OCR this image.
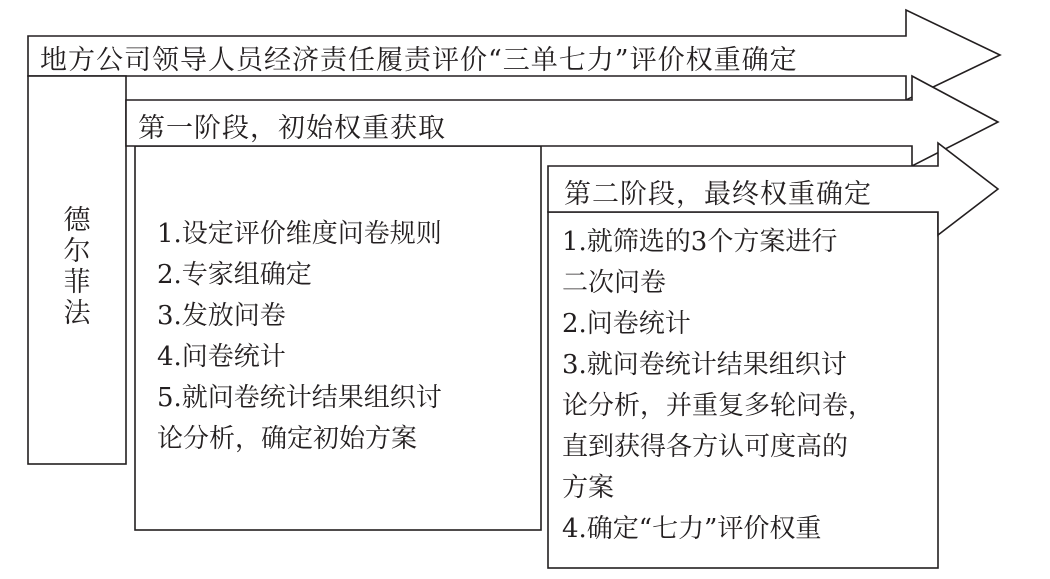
地方公司领导人员经济责任履责评价“三单七力”评价权重确定
德
尔
菲
法
第一阶段，初始权重获取
1.设定评价维度问卷规则
2.专家组确定
3.发放问卷
4.问卷统计
5.就问卷统计结果组织讨
论分析，确定初始方案
第二阶段，最终权重确定
1.就筛选的3个方案进行
二次问卷
2.问卷统计
3.就问卷统计结果组织讨
论分析，并重复多轮问卷，
直到获得各方认可度高的
方案
4.确定“七力”评价权重
